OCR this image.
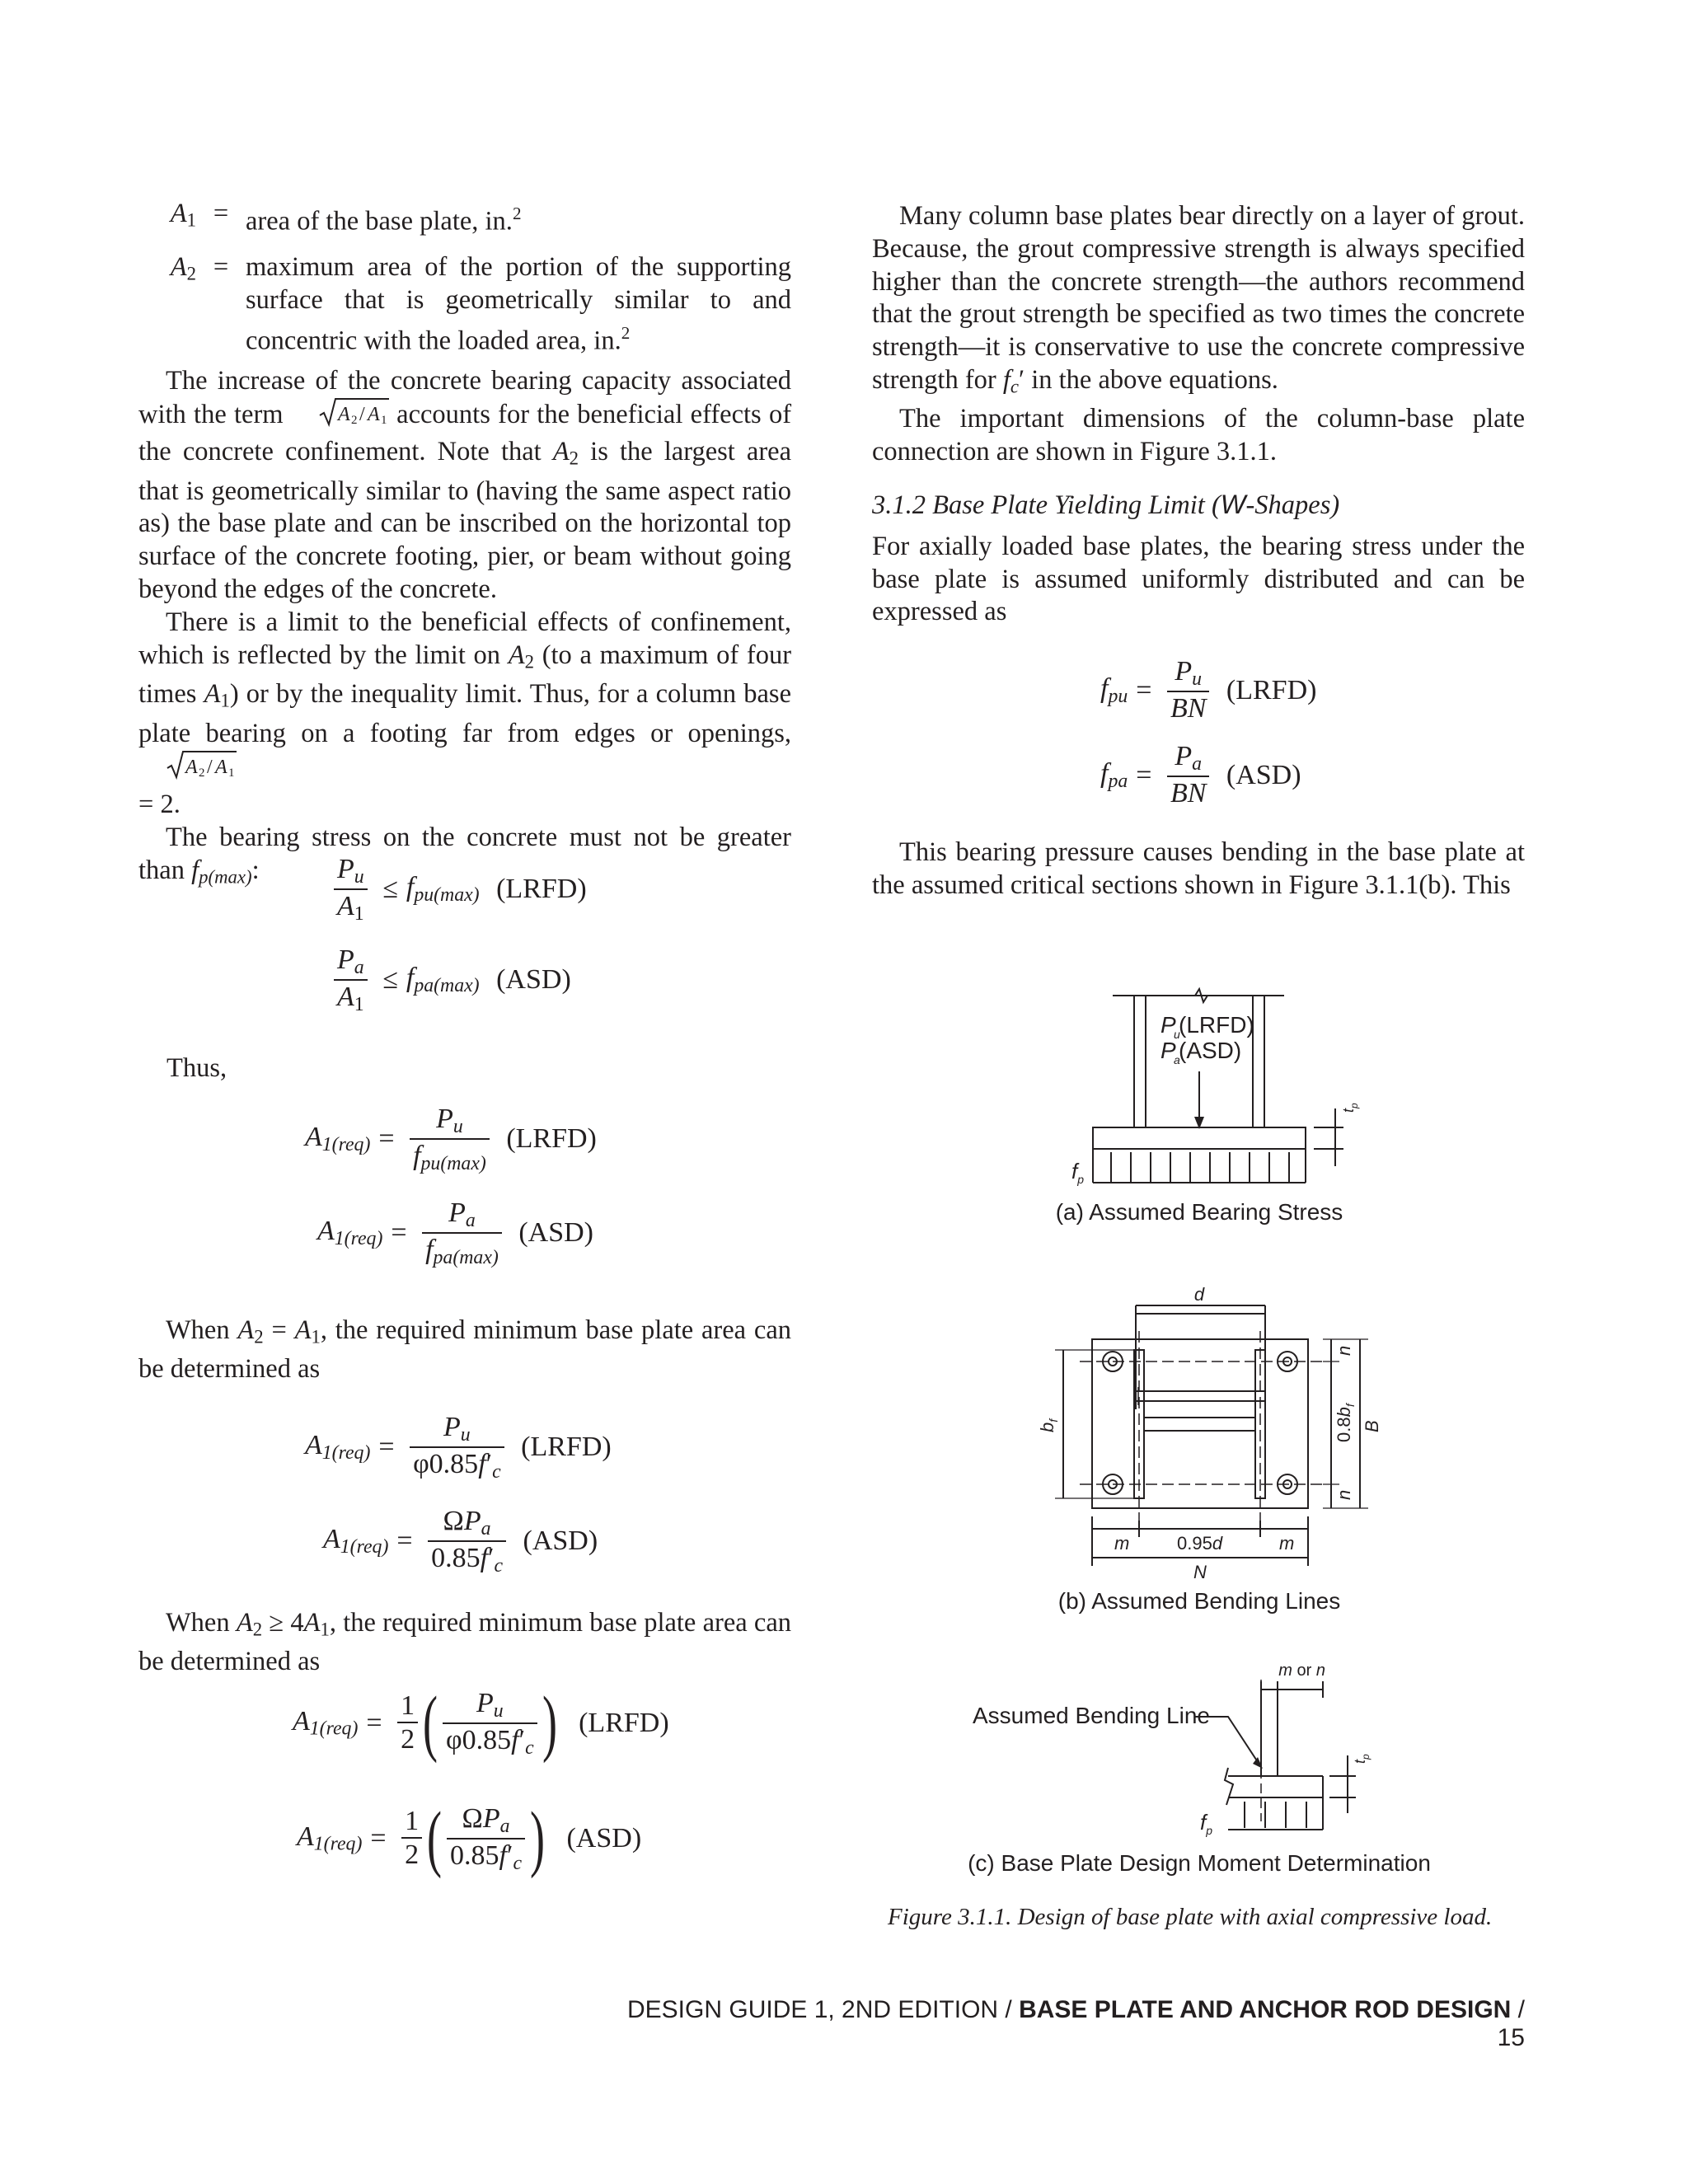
$A_1$ = area of the base plate, in.$^2$
$A_2$ = maximum area of the portion of the supporting surface that is geometrically similar to and concentric with the loaded area, in.$^2$

The increase of the concrete bearing capacity associated with the term	A 2 / A 1 accounts for the beneficial effects of the concrete confinement. Note that $A_2$ is the largest area that is geometrically similar to (having the same aspect ratio as) the base plate and can be inscribed on the horizontal top surface of the concrete footing, pier, or beam without going beyond the edges of the concrete.

There is a limit to the beneficial effects of confinement, which is reflected by the limit on $A_2$ (to a maximum of four times $A_1$) or by the inequality limit. Thus, for a column base plate bearing on a footing far from edges or openings,
A 2 / A 1

= 2.

The bearing stress on the concrete must not be greater than fp(max):	$\frac{Pu}{A_1} \le fpu(\max)$ (LRFD)
$\frac{Pa}{A_1} \le fpa(\max)$ (ASD)
Thus,
$A1(req) = \frac{Pu}{\text{fpu(max)}}$ (LRFD)
$A1(req) = \frac{Pa}{\text{fpa(max)}} (ASD)$

When $A_2 = A_1$, the required minimum base plate area can be determined as

$A1(req) = \frac{Pu}{\varphi 0.85f'c}$ (LRFD)
$A1(req) = \frac{\text{ΩPa}}{0.85f'c} (ASD)$

When $A_2 \ge 4A_1$, the required minimum base plate area can be determined as

$A1(req) = \frac{1}{2}$ ( $\frac{Pu}{\varphi 0.85f'c}$ ) (LRFD)
$A1(req) = \frac{1}{2}$ ( $\frac{\text{ΩPa}}{0.85f'c}$ ) (ASD)

Many column base plates bear directly on a layer of grout. Because, the grout compressive strength is always specified higher than the concrete strength—the authors recommend that the grout strength be specified as two times the concrete strength—it is conservative to use the concrete compressive strength for fc′ in the above equations.

The important dimensions of the column-base plate connection are shown in Figure 3.1.1.

3.1.2 Base Plate Yielding Limit (W-Shapes)

For axially loaded base plates, the bearing stress under the base plate is assumed uniformly distributed and can be expressed as

fpu = $\frac{Pu}{BN}$ (LRFD)
fpa = $\frac{Pa}{BN} (ASD)$

This bearing pressure causes bending in the base plate at the assumed critical sections shown in Figure 3.1.1(b). This

P
u
(LRFD)
P
a
(ASD)
$t_p$
$f_p$
(a) Assumed Bearing Stress
d
$b_f$
n
$0.8b_f$
n
B
m	0.95d	m
N
(b) Assumed Bending Lines
m or n
Assumed Bending Line
$t_p$
$f_p$
(c) Base Plate Design Moment Determination
Figure 3.1.1. Design of base plate with axial compressive load.
DESIGN GUIDE 1, 2ND EDITION / BASE PLATE AND ANCHOR ROD DESIGN / 15
